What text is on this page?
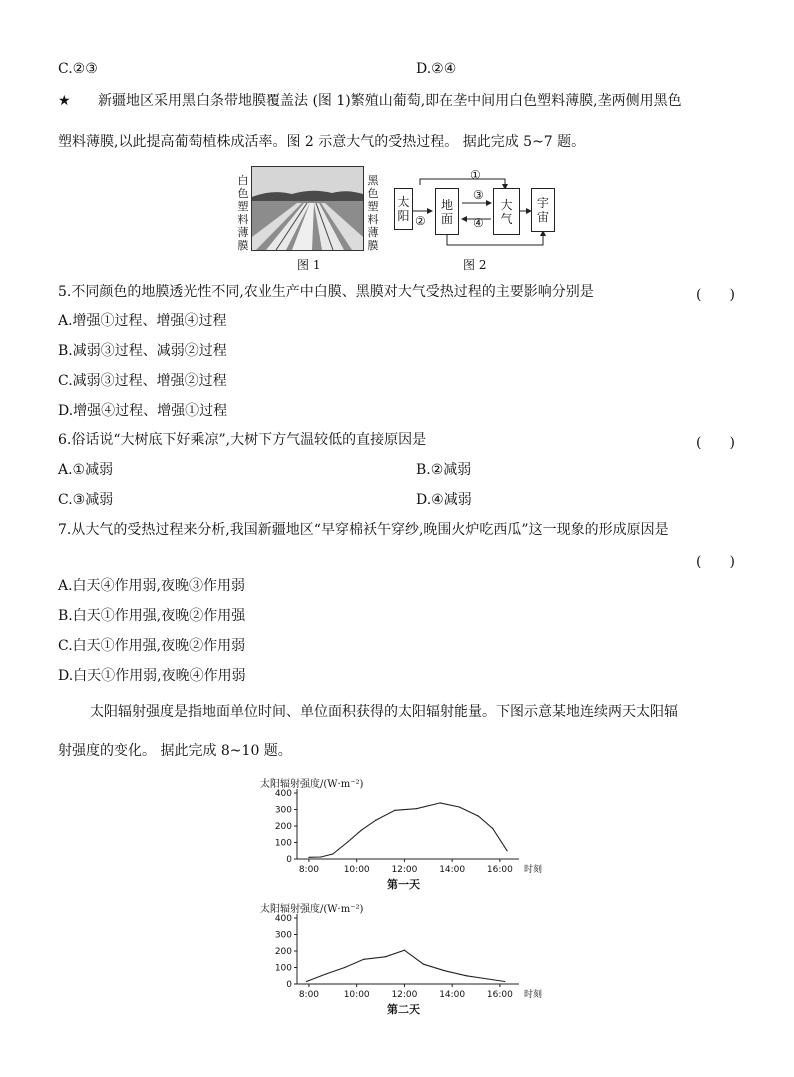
C.②③	D.②④
★ 新疆地区采用黑白条带地膜覆盖法 (图 1)繁殖山葡萄,即在垄中间用白色塑料薄膜,垄两侧用黑色
塑料薄膜,以此提高葡萄植株成活率。图 2 示意大气的受热过程。 据此完成 5~7 题。
白色塑料薄膜
黑色塑料薄膜
图 1
太阳
地面
大气
宇宙
①
②
③
④
图 2
5.不同颜色的地膜透光性不同,农业生产中白膜、黑膜对大气受热过程的主要影响分别是	(　　)
A.增强①过程、增强④过程
B.减弱③过程、减弱②过程
C.减弱③过程、增强②过程
D.增强④过程、增强①过程
6.俗话说“大树底下好乘凉”,大树下方气温较低的直接原因是	(　　)
A.①减弱	B.②减弱
C.③减弱	D.④减弱
7.从大气的受热过程来分析,我国新疆地区“早穿棉袄午穿纱,晚围火炉吃西瓜”这一现象的形成原因是
(　　)
A.白天④作用弱,夜晚③作用弱
B.白天①作用强,夜晚②作用强
C.白天①作用强,夜晚②作用弱
D.白天①作用弱,夜晚④作用弱
太阳辐射强度是指地面单位时间、单位面积获得的太阳辐射能量。下图示意某地连续两天太阳辐
射强度的变化。 据此完成 8~10 题。
太阳辐射强度/(W·m⁻²)
0
100
200
300
400
8:00	10:00 12:00 14:00 16:00 时刻
第一天
太阳辐射强度/(W·m⁻²)
0
100
200
300
400
8:00	10:00 12:00 14:00 16:00 时刻
第二天
